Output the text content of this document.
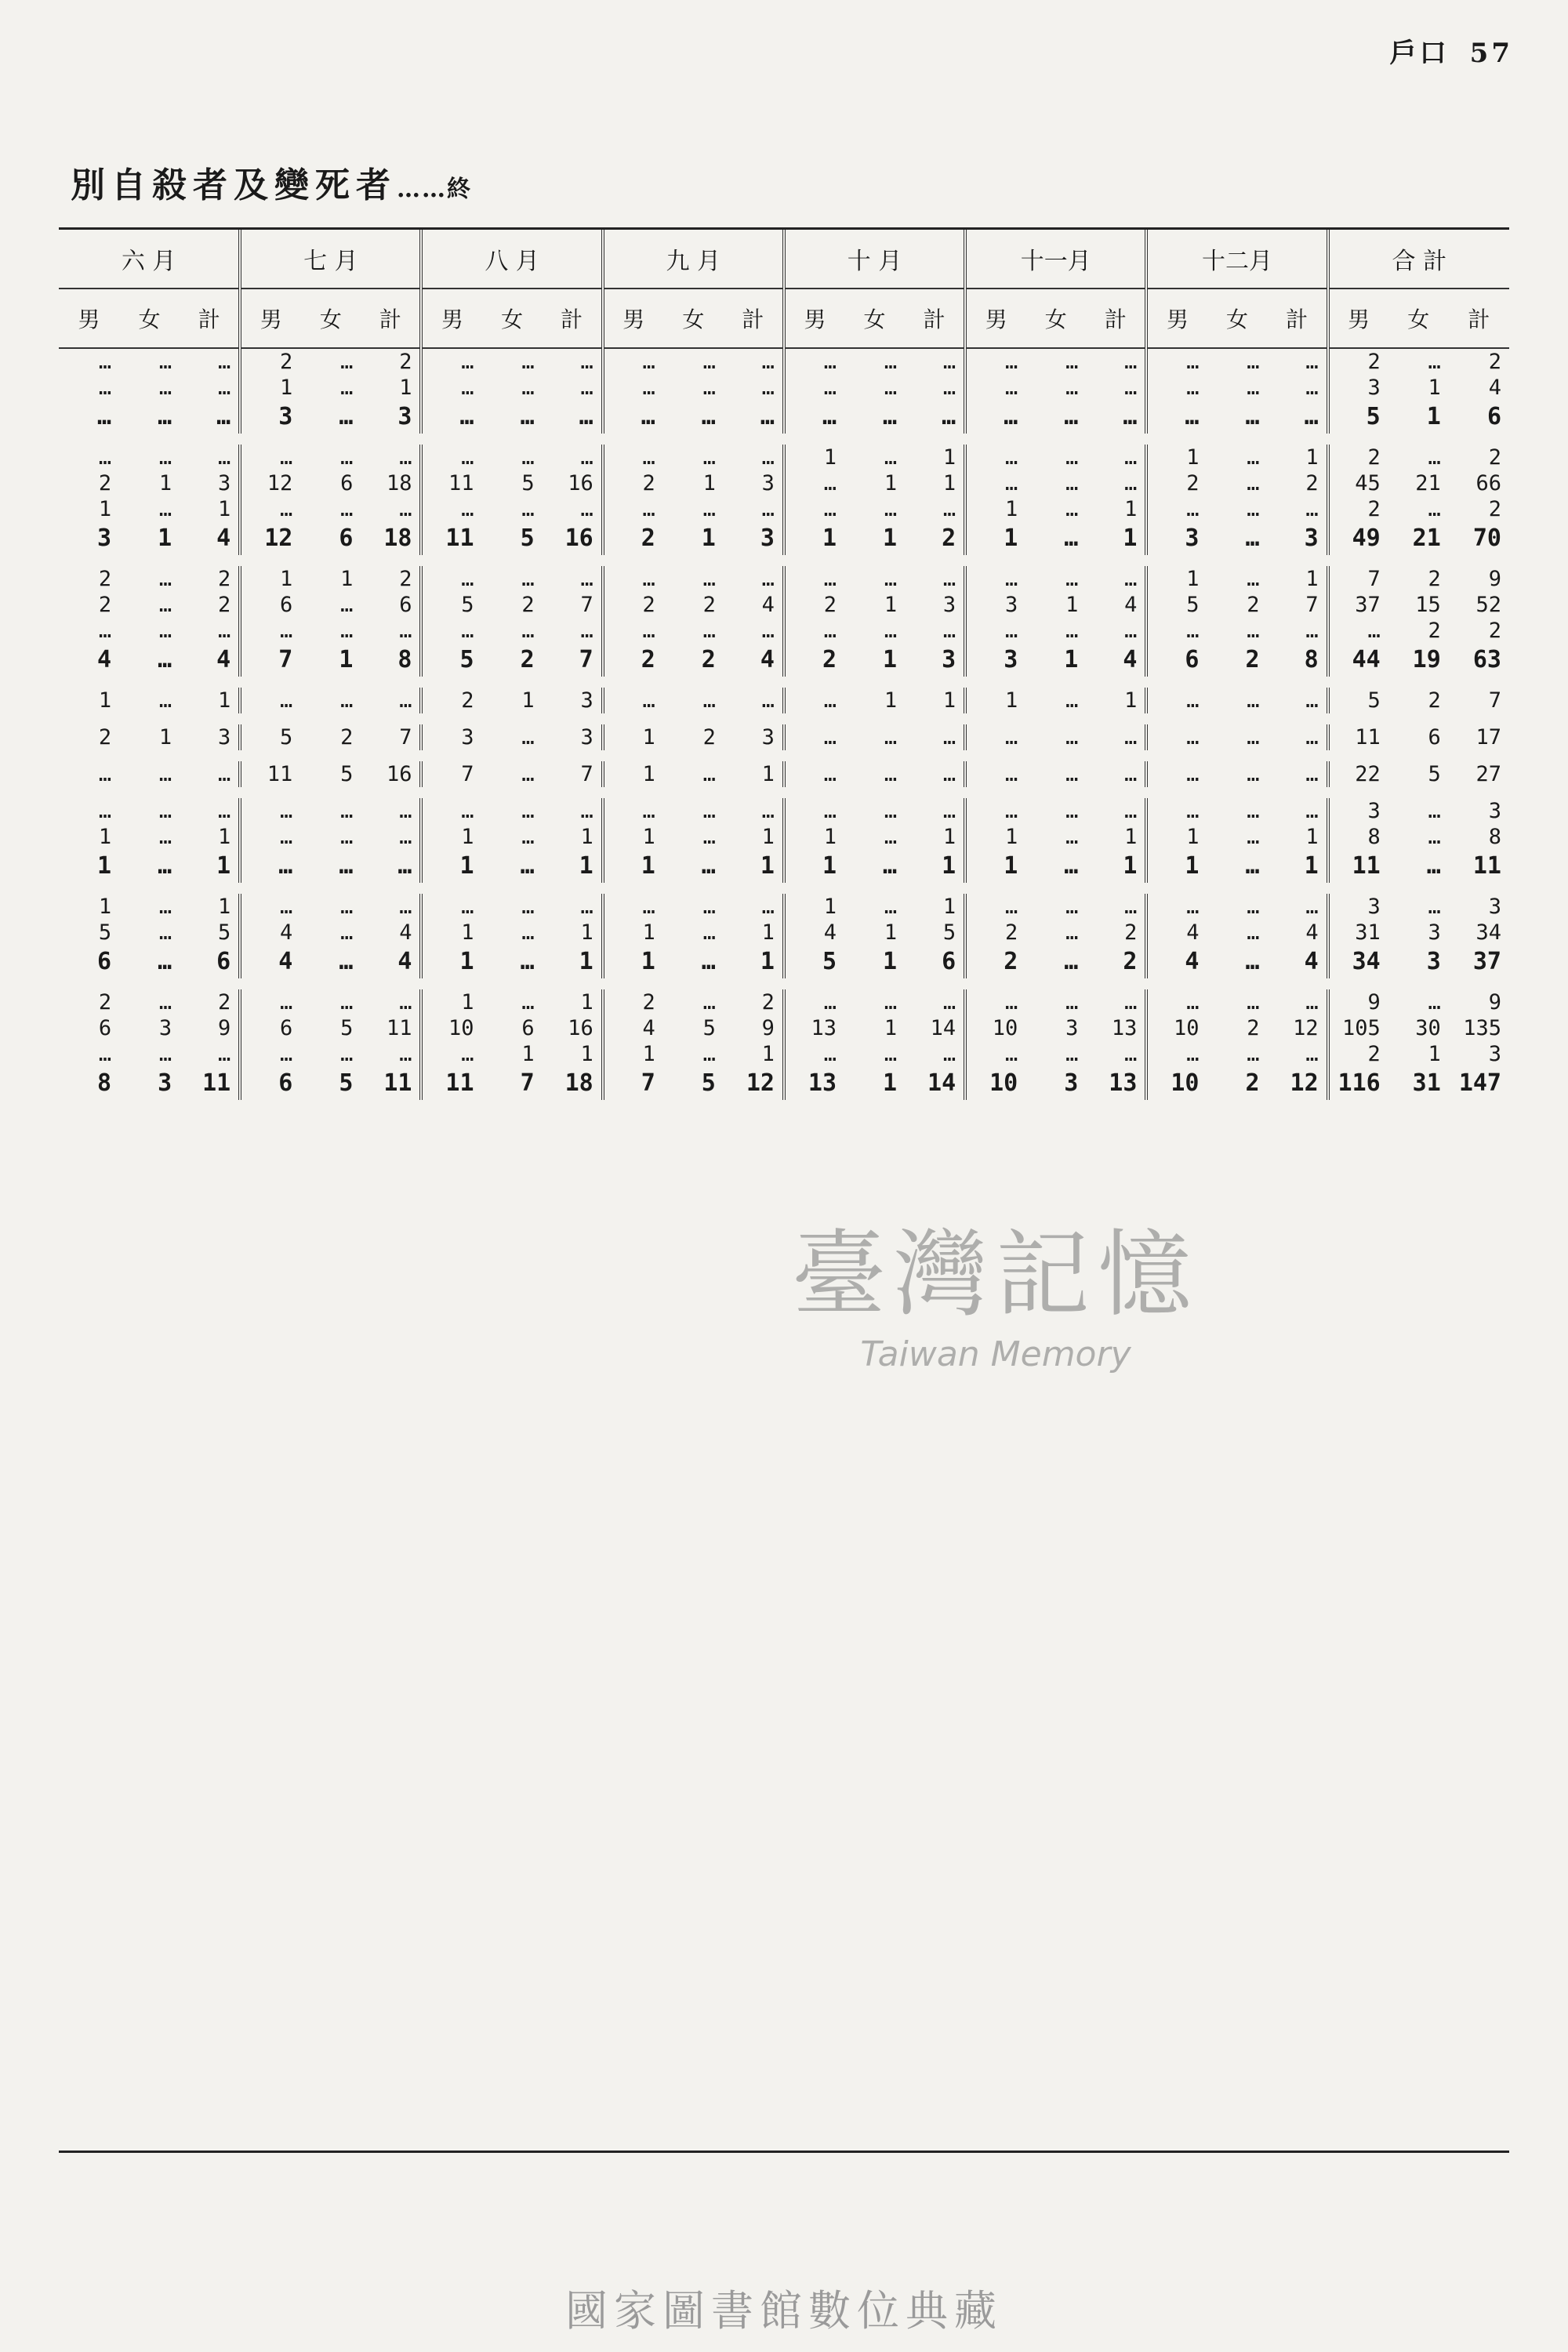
戶口 57
別自殺者及變死者……終
六 月			七 月			八 月			九 月			十 月			十一月			十二月			合 計		
男	女	計	男	女	計	男	女	計	男	女	計	男	女	計	男	女	計	男	女	計	男	女	計
…	…	…	2	…	2	…	…	…	…	…	…	…	…	…	…	…	…	…	…	…	2	…	2
…	…	…	1	…	1	…	…	…	…	…	…	…	…	…	…	…	…	…	…	…	3	1	4
…	…	…	3	…	3	…	…	…	…	…	…	…	…	…	…	…	…	…	…	…	5	1	6

…	…	…	…	…	…	…	…	…	…	…	…	1	…	1	…	…	…	1	…	1	2	…	2
2	1	3	12	6	18	11	5	16	2	1	3	…	1	1	…	…	…	2	…	2	45	21	66
1	…	1	…	…	…	…	…	…	…	…	…	…	…	…	1	…	1	…	…	…	2	…	2
3	1	4	12	6	18	11	5	16	2	1	3	1	1	2	1	…	1	3	…	3	49	21	70

2	…	2	1	1	2	…	…	…	…	…	…	…	…	…	…	…	…	1	…	1	7	2	9
2	…	2	6	…	6	5	2	7	2	2	4	2	1	3	3	1	4	5	2	7	37	15	52
…	…	…	…	…	…	…	…	…	…	…	…	…	…	…	…	…	…	…	…	…	…	2	2
4	…	4	7	1	8	5	2	7	2	2	4	2	1	3	3	1	4	6	2	8	44	19	63

1	…	1	…	…	…	2	1	3	…	…	…	…	1	1	1	…	1	…	…	…	5	2	7

2	1	3	5	2	7	3	…	3	1	2	3	…	…	…	…	…	…	…	…	…	11	6	17

…	…	…	11	5	16	7	…	7	1	…	1	…	…	…	…	…	…	…	…	…	22	5	27

…	…	…	…	…	…	…	…	…	…	…	…	…	…	…	…	…	…	…	…	…	3	…	3
1	…	1	…	…	…	1	…	1	1	…	1	1	…	1	1	…	1	1	…	1	8	…	8
1	…	1	…	…	…	1	…	1	1	…	1	1	…	1	1	…	1	1	…	1	11	…	11

1	…	1	…	…	…	…	…	…	…	…	…	1	…	1	…	…	…	…	…	…	3	…	3
5	…	5	4	…	4	1	…	1	1	…	1	4	1	5	2	…	2	4	…	4	31	3	34
6	…	6	4	…	4	1	…	1	1	…	1	5	1	6	2	…	2	4	…	4	34	3	37

2	…	2	…	…	…	1	…	1	2	…	2	…	…	…	…	…	…	…	…	…	9	…	9
6	3	9	6	5	11	10	6	16	4	5	9	13	1	14	10	3	13	10	2	12	105	30	135
…	…	…	…	…	…	…	1	1	1	…	1	…	…	…	…	…	…	…	…	…	2	1	3
8	3	11	6	5	11	11	7	18	7	5	12	13	1	14	10	3	13	10	2	12	116	31	147
臺灣記憶
Taiwan Memory
國家圖書館數位典藏
